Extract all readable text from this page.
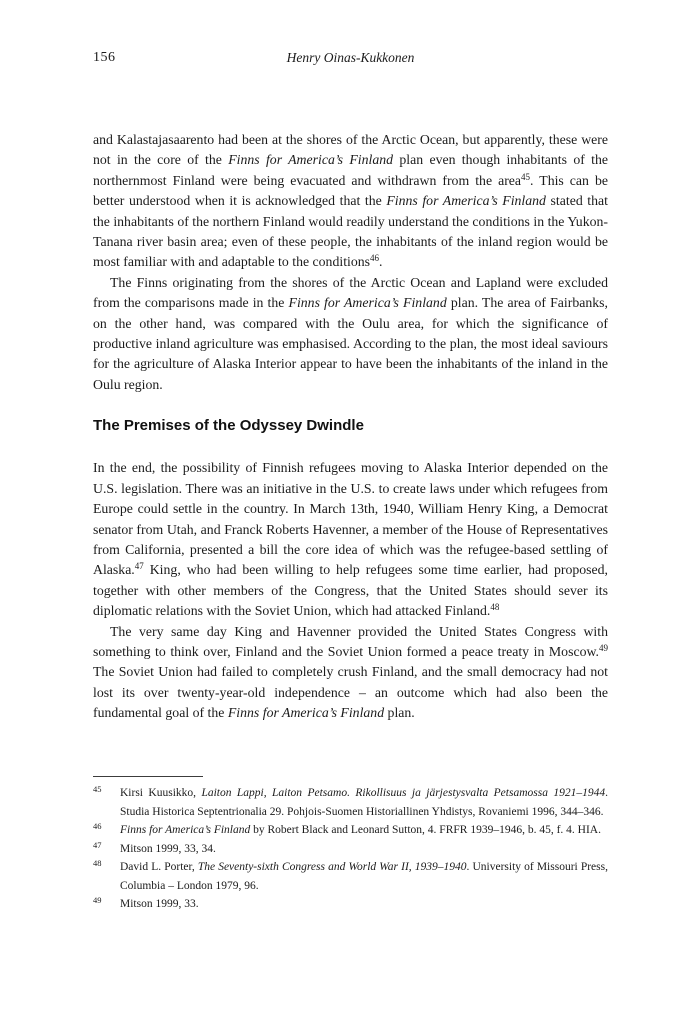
156	Henry Oinas-Kukkonen

and Kalastajasaarento had been at the shores of the Arctic Ocean, but apparently, these were not in the core of the Finns for America’s Finland plan even though inhabitants of the northernmost Finland were being evacuated and withdrawn from the area$^{45}$. This can be better understood when it is acknowledged that the Finns for America’s Finland stated that the inhabitants of the northern Finland would readily understand the conditions in the Yukon-Tanana river basin area; even of these people, the inhabitants of the inland region would be most familiar with and adaptable to the conditions$^{46}$.

The Finns originating from the shores of the Arctic Ocean and Lapland were excluded from the comparisons made in the Finns for America’s Finland plan. The area of Fairbanks, on the other hand, was compared with the Oulu area, for which the significance of productive inland agriculture was emphasised. According to the plan, the most ideal saviours for the agriculture of Alaska Interior appear to have been the inhabitants of the inland in the Oulu region.

The Premises of the Odyssey Dwindle

In the end, the possibility of Finnish refugees moving to Alaska Interior depended on the U.S. legislation. There was an initiative in the U.S. to create laws under which refugees from Europe could settle in the country. In March 13th, 1940, William Henry King, a Democrat senator from Utah, and Franck Roberts Havenner, a member of the House of Representatives from California, presented a bill the core idea of which was the refugee-based settling of Alaska.$^{47}$ King, who had been willing to help refugees some time earlier, had proposed, together with other members of the Congress, that the United States should sever its diplomatic relations with the Soviet Union, which had attacked Finland.$^{48}$

The very same day King and Havenner provided the United States Congress with something to think over, Finland and the Soviet Union formed a peace treaty in Moscow.$^{49}$ The Soviet Union had failed to completely crush Finland, and the small democracy had not lost its over twenty-year-old independence – an outcome which had also been the fundamental goal of the Finns for America’s Finland plan.

$^{45}$	Kirsi Kuusikko, Laiton Lappi, Laiton Petsamo. Rikollisuus ja järjestysvalta Petsamossa 1921–1944. Studia Historica Septentrionalia 29. Pohjois-Suomen Historiallinen Yhdistys, Rovaniemi 1996, 344–346.
$^{46}$	Finns for America’s Finland by Robert Black and Leonard Sutton, 4. FRFR 1939–1946, b. 45, f. 4. HIA.
$^{47}$	Mitson 1999, 33, 34.
$^{48}$	David L. Porter, The Seventy-sixth Congress and World War II, 1939–1940. University of Missouri Press, Columbia – London 1979, 96.
$^{49}$	Mitson 1999, 33.
